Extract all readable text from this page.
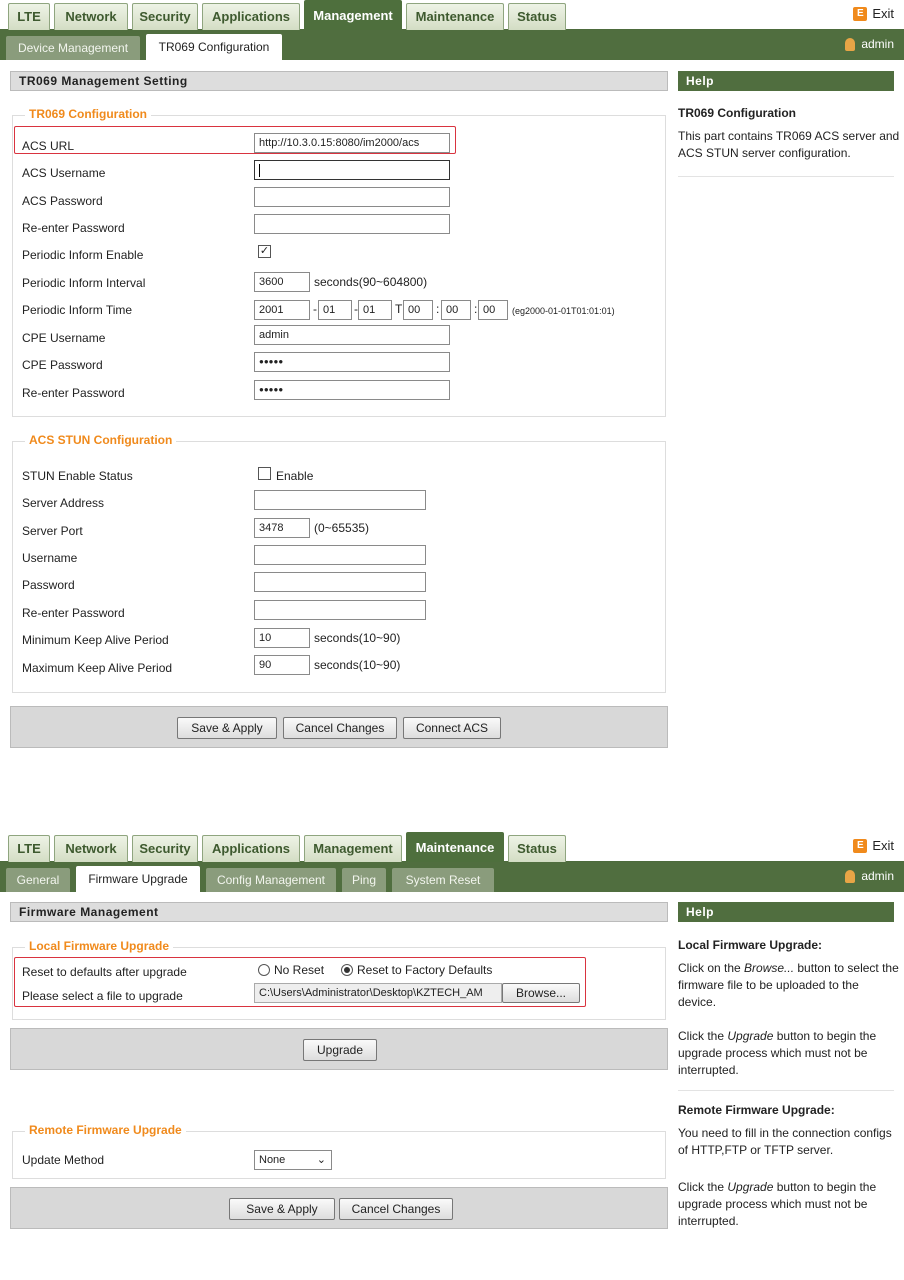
LTE	Network	Security	Applications	Management	Maintenance	Status	E Exit
Device Management	TR069 Configuration	admin
TR069 Management Setting	Help
TR069 Configuration
This part contains TR069 ACS server and ACS STUN server configuration.
TR069 Configuration
ACS URL	http://10.3.0.15:8080/im2000/acs
ACS Username
ACS Password
Re-enter Password
Periodic Inform Enable	✓
Periodic Inform Interval	3600	seconds(90~604800)
Periodic Inform Time	2001	- 01	- 01	T 00	: 00	: 00	(eg2000-01-01T01:01:01)
CPE Username	admin
CPE Password	●●●●●
Re-enter Password	●●●●●
ACS STUN Configuration
STUN Enable Status	Enable
Server Address
Server Port	3478	(0~65535)
Username
Password
Re-enter Password
Minimum Keep Alive Period	10	seconds(10~90)
Maximum Keep Alive Period	90	seconds(10~90)
Save & Apply	Cancel Changes	Connect ACS
LTE	Network	Security	Applications	Management	Maintenance	Status	E Exit
General	Firmware Upgrade	Config Management	Ping	System Reset	admin
Firmware Management	Help
Local Firmware Upgrade
Reset to defaults after upgrade	No Reset	Reset to Factory Defaults
Please select a file to upgrade	C:\Users\Administrator\Desktop\KZTECH_AM	Browse...
Upgrade
Remote Firmware Upgrade
Update Method	None	⌄
Save & Apply	Cancel Changes
Local Firmware Upgrade:
Click on the Browse... button to select the firmware file to be uploaded to the device.
Click the Upgrade button to begin the upgrade process which must not be interrupted.
Remote Firmware Upgrade:
You need to fill in the connection configs of HTTP,FTP or TFTP server.
Click the Upgrade button to begin the upgrade process which must not be interrupted.
